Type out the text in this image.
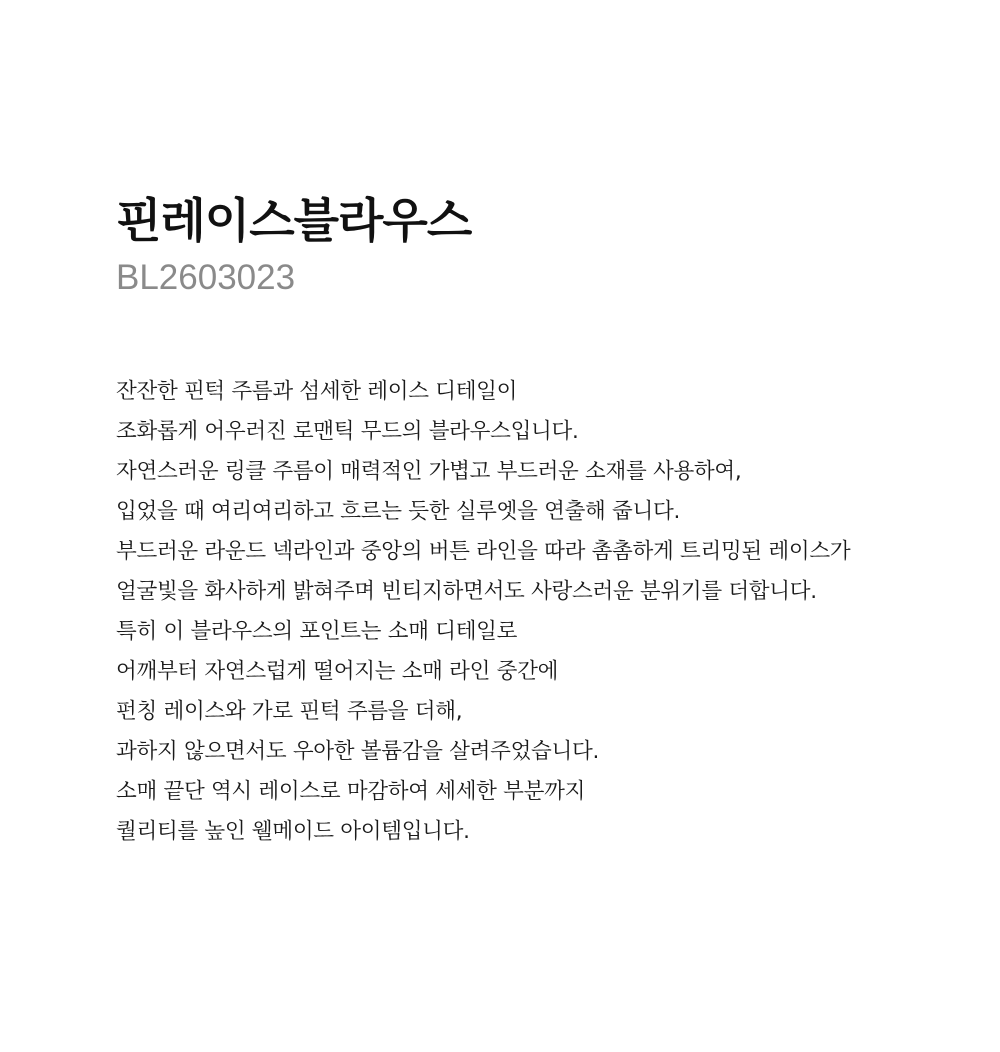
핀레이스블라우스
BL2603023
잔잔한 핀턱 주름과 섬세한 레이스 디테일이
조화롭게 어우러진 로맨틱 무드의 블라우스입니다.
자연스러운 링클 주름이 매력적인 가볍고 부드러운 소재를 사용하여,
입었을 때 여리여리하고 흐르는 듯한 실루엣을 연출해 줍니다.
부드러운 라운드 넥라인과 중앙의 버튼 라인을 따라 촘촘하게 트리밍된 레이스가
얼굴빛을 화사하게 밝혀주며 빈티지하면서도 사랑스러운 분위기를 더합니다.
특히 이 블라우스의 포인트는 소매 디테일로
어깨부터 자연스럽게 떨어지는 소매 라인 중간에
펀칭 레이스와 가로 핀턱 주름을 더해,
과하지 않으면서도 우아한 볼륨감을 살려주었습니다.
소매 끝단 역시 레이스로 마감하여 세세한 부분까지
퀄리티를 높인 웰메이드 아이템입니다.
